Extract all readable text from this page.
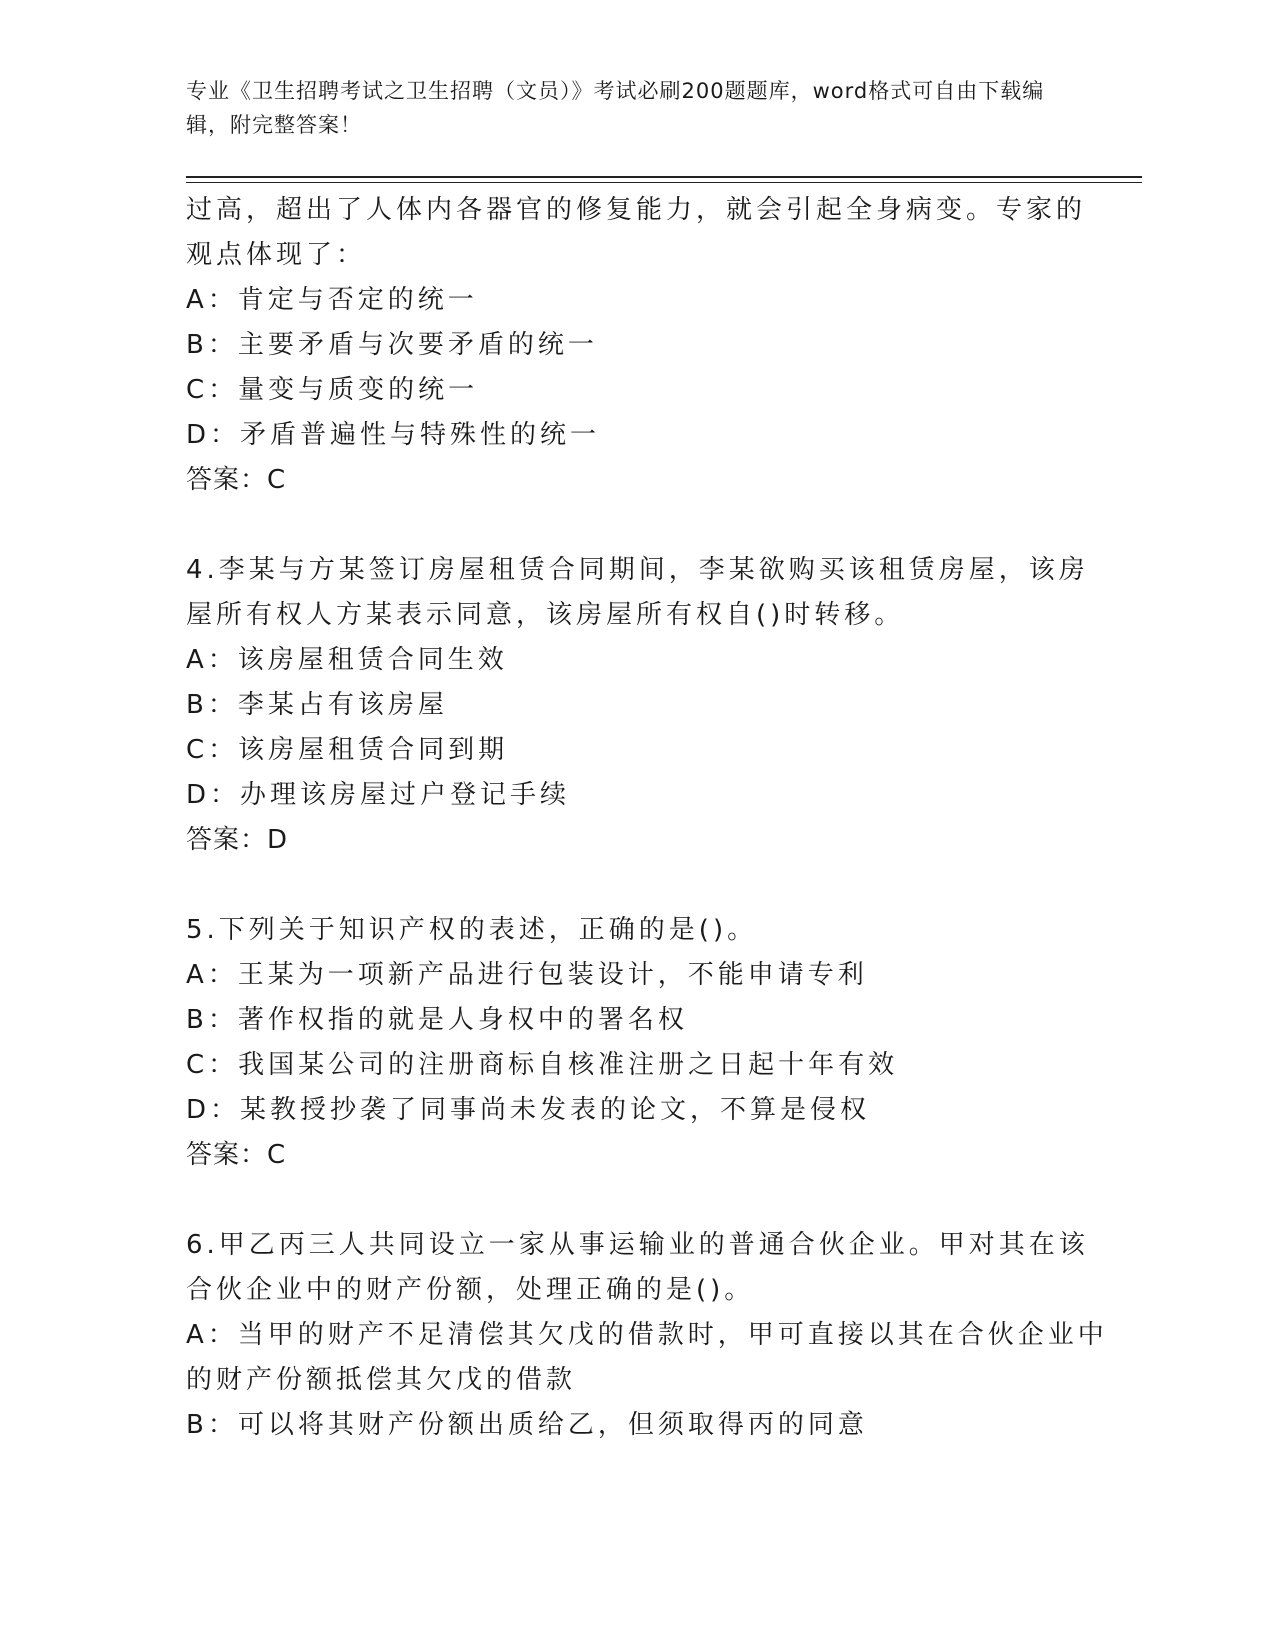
专业《卫生招聘考试之卫生招聘（文员）》考试必刷200题题库，word格式可自由下载编辑，附完整答案！

过高，超出了人体内各器官的修复能力，就会引起全身病变。专家的

观点体现了：

A：肯定与否定的统一

B：主要矛盾与次要矛盾的统一

C：量变与质变的统一

D：矛盾普遍性与特殊性的统一

答案：C

4.李某与方某签订房屋租赁合同期间，李某欲购买该租赁房屋，该房

屋所有权人方某表示同意，该房屋所有权自()时转移。

A：该房屋租赁合同生效

B：李某占有该房屋

C：该房屋租赁合同到期

D：办理该房屋过户登记手续

答案：D

5.下列关于知识产权的表述，正确的是()。

A：王某为一项新产品进行包装设计，不能申请专利

B：著作权指的就是人身权中的署名权

C：我国某公司的注册商标自核准注册之日起十年有效

D：某教授抄袭了同事尚未发表的论文，不算是侵权

答案：C

6.甲乙丙三人共同设立一家从事运输业的普通合伙企业。甲对其在该

合伙企业中的财产份额，处理正确的是()。

A：当甲的财产不足清偿其欠戊的借款时，甲可直接以其在合伙企业中

的财产份额抵偿其欠戊的借款

B：可以将其财产份额出质给乙，但须取得丙的同意
